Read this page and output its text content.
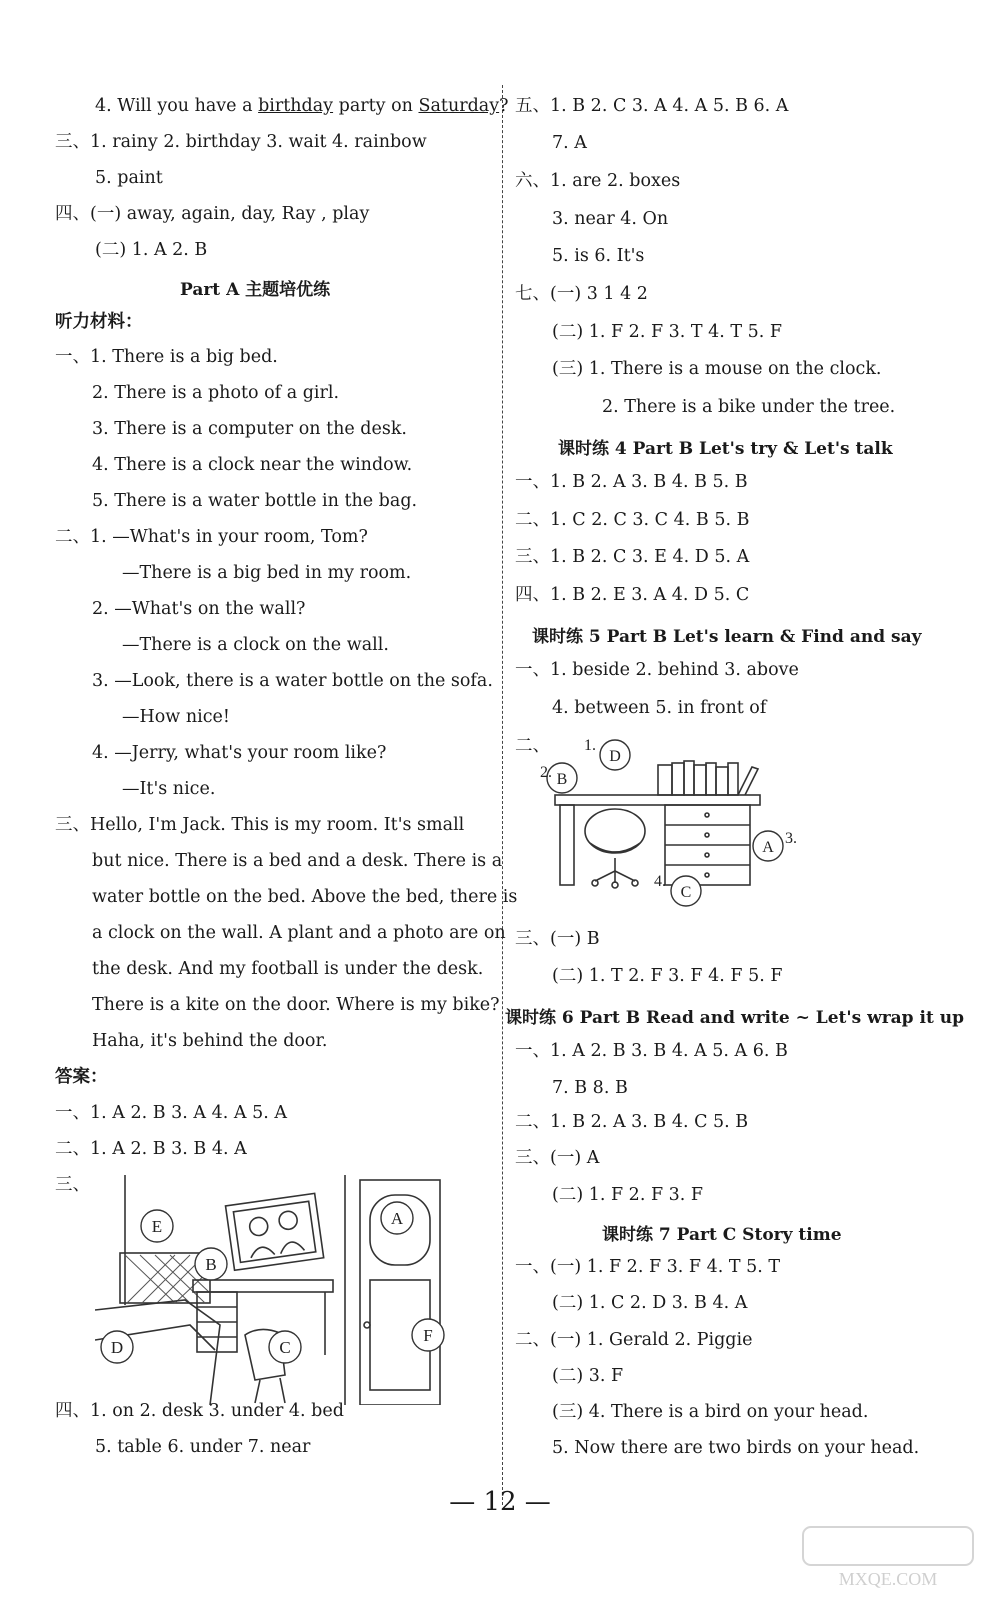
4. Will you have a birthday party on Saturday?
三、1. rainy 2. birthday 3. wait 4. rainbow
5. paint
四、(一) away, again, day, Ray , play
(二) 1. A 2. B
Part A 主题培优练
听力材料：
一、1. There is a big bed.
2. There is a photo of a girl.
3. There is a computer on the desk.
4. There is a clock near the window.
5. There is a water bottle in the bag.
二、1. —What's in your room, Tom?
—There is a big bed in my room.
2. —What's on the wall?
—There is a clock on the wall.
3. —Look, there is a water bottle on the sofa.
—How nice!
4. —Jerry, what's your room like?
—It's nice.
三、Hello, I'm Jack. This is my room. It's small
but nice. There is a bed and a desk. There is a
water bottle on the bed. Above the bed, there is
a clock on the wall. A plant and a photo are on
the desk. And my football is under the desk.
There is a kite on the door. Where is my bike?
Haha, it's behind the door.
答案：
一、1. A 2. B 3. A 4. A 5. A
二、1. A 2. B 3. B 4. A
三、
E
B
A
D	C
F
四、1. on 2. desk 3. under 4. bed
5. table 6. under 7. near
五、1. B 2. C 3. A 4. A 5. B 6. A
7. A
六、1. are 2. boxes
3. near 4. On
5. is 6. It's
七、(一) 3 1 4 2
(二) 1. F 2. F 3. T 4. T 5. F
(三) 1. There is a mouse on the clock.
2. There is a bike under the tree.
课时练 4 Part B Let's try & Let's talk
一、1. B 2. A 3. B 4. B 5. B
二、1. C 2. C 3. C 4. B 5. B
三、1. B 2. C 3. E 4. D 5. A
四、1. B 2. E 3. A 4. D 5. C
课时练 5 Part B Let's learn & Find and say
一、1. beside 2. behind 3. above
4. between 5. in front of
二、 1.
D
2. B
A
3.
4.
C
三、(一) B
(二) 1. T 2. F 3. F 4. F 5. F
课时练 6 Part B Read and write ~ Let's wrap it up
一、1. A 2. B 3. B 4. A 5. A 6. B
7. B 8. B
二、1. B 2. A 3. B 4. C 5. B
三、(一) A
(二) 1. F 2. F 3. F
课时练 7 Part C Story time
一、(一) 1. F 2. F 3. F 4. T 5. T
(二) 1. C 2. D 3. B 4. A
二、(一) 1. Gerald 2. Piggie
(二) 3. F
(三) 4. There is a bird on your head.
5. Now there are two birds on your head.
— 12 —
MXQE.COM
